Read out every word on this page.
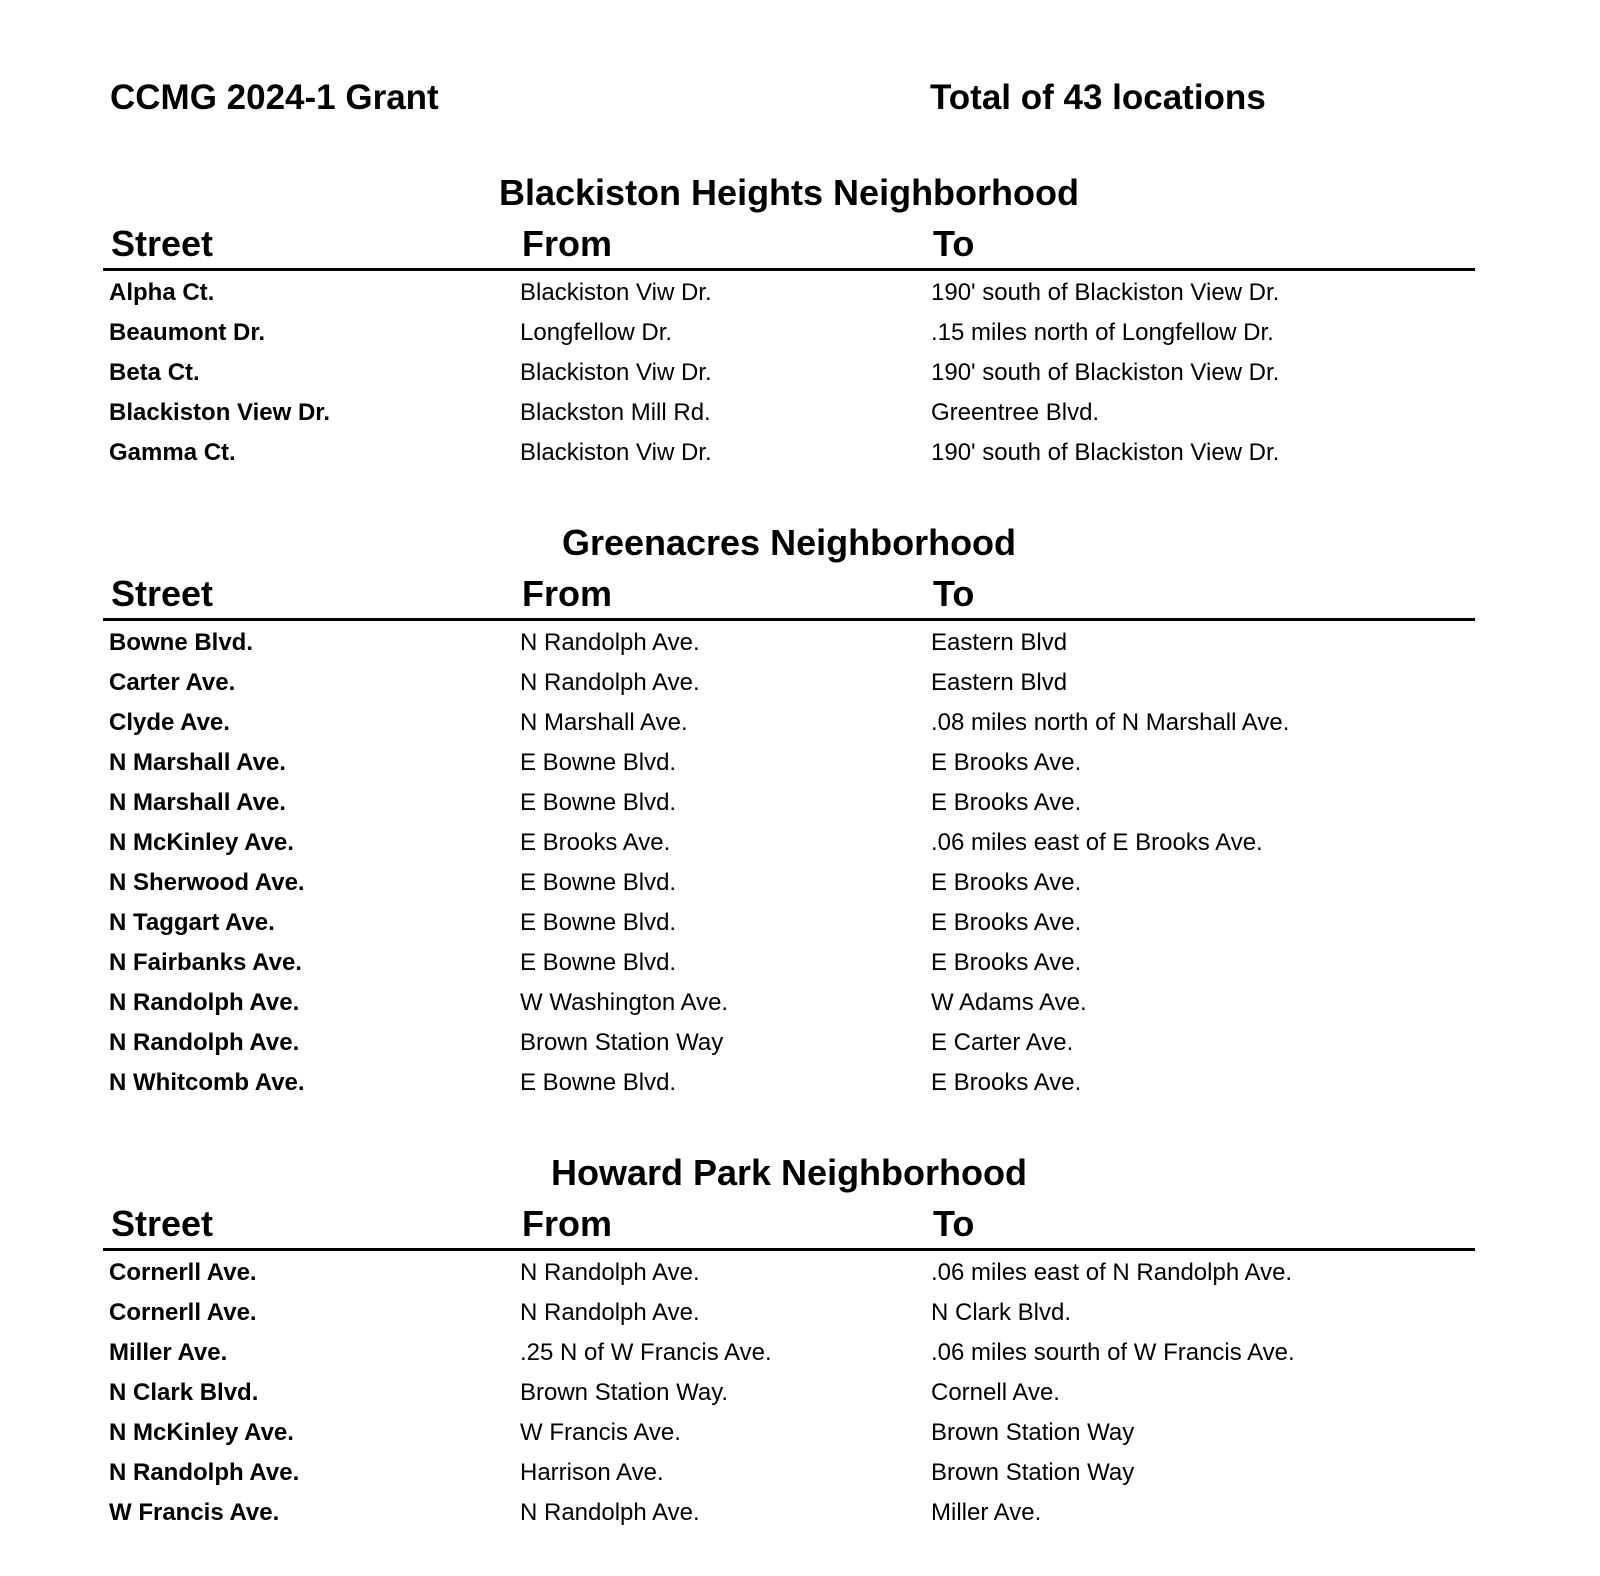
CCMG 2024-1 Grant	Total of 43 locations
Blackiston Heights Neighborhood
Street	From	To
Alpha Ct.	Blackiston Viw Dr.	190' south of Blackiston View Dr.
Beaumont Dr.	Longfellow Dr.	.15 miles north of Longfellow Dr.
Beta Ct.	Blackiston Viw Dr.	190' south of Blackiston View Dr.
Blackiston View Dr.	Blackston Mill Rd.	Greentree Blvd.
Gamma Ct.	Blackiston Viw Dr.	190' south of Blackiston View Dr.
Greenacres Neighborhood
Street	From	To
Bowne Blvd.	N Randolph Ave.	Eastern Blvd
Carter Ave.	N Randolph Ave.	Eastern Blvd
Clyde Ave.	N Marshall Ave.	.08 miles north of N Marshall Ave.
N Marshall Ave.	E Bowne Blvd.	E Brooks Ave.
N Marshall Ave.	E Bowne Blvd.	E Brooks Ave.
N McKinley Ave.	E Brooks Ave.	.06 miles east of E Brooks Ave.
N Sherwood Ave.	E Bowne Blvd.	E Brooks Ave.
N Taggart Ave.	E Bowne Blvd.	E Brooks Ave.
N Fairbanks Ave.	E Bowne Blvd.	E Brooks Ave.
N Randolph Ave.	W Washington Ave.	W Adams Ave.
N Randolph Ave.	Brown Station Way	E Carter Ave.
N Whitcomb Ave.	E Bowne Blvd.	E Brooks Ave.
Howard Park Neighborhood
Street	From	To
Cornerll Ave.	N Randolph Ave.	.06 miles east of N Randolph Ave.
Cornerll Ave.	N Randolph Ave.	N Clark Blvd.
Miller Ave.	.25 N of W Francis Ave.	.06 miles sourth of W Francis Ave.
N Clark Blvd.	Brown Station Way.	Cornell Ave.
N McKinley Ave.	W Francis Ave.	Brown Station Way
N Randolph Ave.	Harrison Ave.	Brown Station Way
W Francis Ave.	N Randolph Ave.	Miller Ave.
